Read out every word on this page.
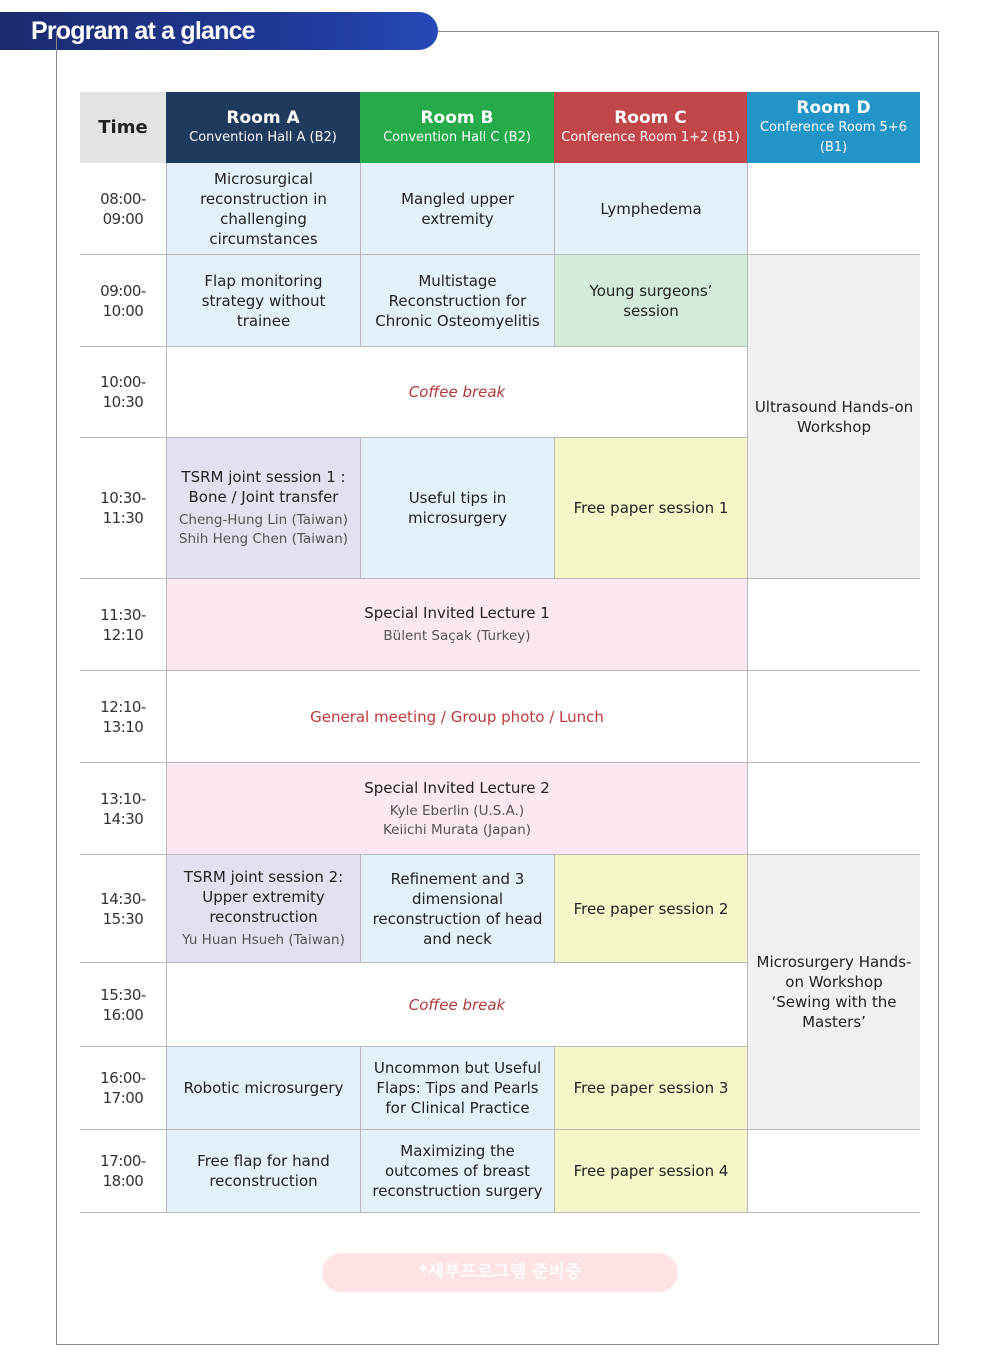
Program at a glance
Time	Room A
Convention Hall A (B2)
Room B
Convention Hall C (B2)
Room C
Conference Room 1+2 (B1)
Room D
Conference Room 5+6 (B1)
08:00-09:00
09:00-10:00
10:00-10:30
10:30-11:30
11:30-12:10
12:10-13:10
13:10-14:30
14:30-15:30
15:30-16:00
16:00-17:00
17:00-18:00
Microsurgical reconstruction in challenging circumstances
Mangled upper extremity
Lymphedema
Flap monitoring strategy without trainee
Multistage Reconstruction for Chronic Osteomyelitis
Young surgeons’ session
Ultrasound Hands-on Workshop
Coffee break
TSRM joint session 1 : Bone / Joint transfer
Cheng-Hung Lin (Taiwan)
Shih Heng Chen (Taiwan)
Useful tips in microsurgery
Free paper session 1
Special Invited Lecture 1
Bülent Saçak (Turkey)
General meeting / Group photo / Lunch
Special Invited Lecture 2
Kyle Eberlin (U.S.A.)
Keiichi Murata (Japan)
TSRM joint session 2: Upper extremity reconstruction
Yu Huan Hsueh (Taiwan)
Refinement and 3 dimensional reconstruction of head and neck
Free paper session 2
Microsurgery Hands-on Workshop ‘Sewing with the Masters’
Coffee break
Robotic microsurgery
Uncommon but Useful Flaps: Tips and Pearls for Clinical Practice
Free paper session 3
Free flap for hand reconstruction
Maximizing the outcomes of breast reconstruction surgery
Free paper session 4
*세부프로그램 준비중
